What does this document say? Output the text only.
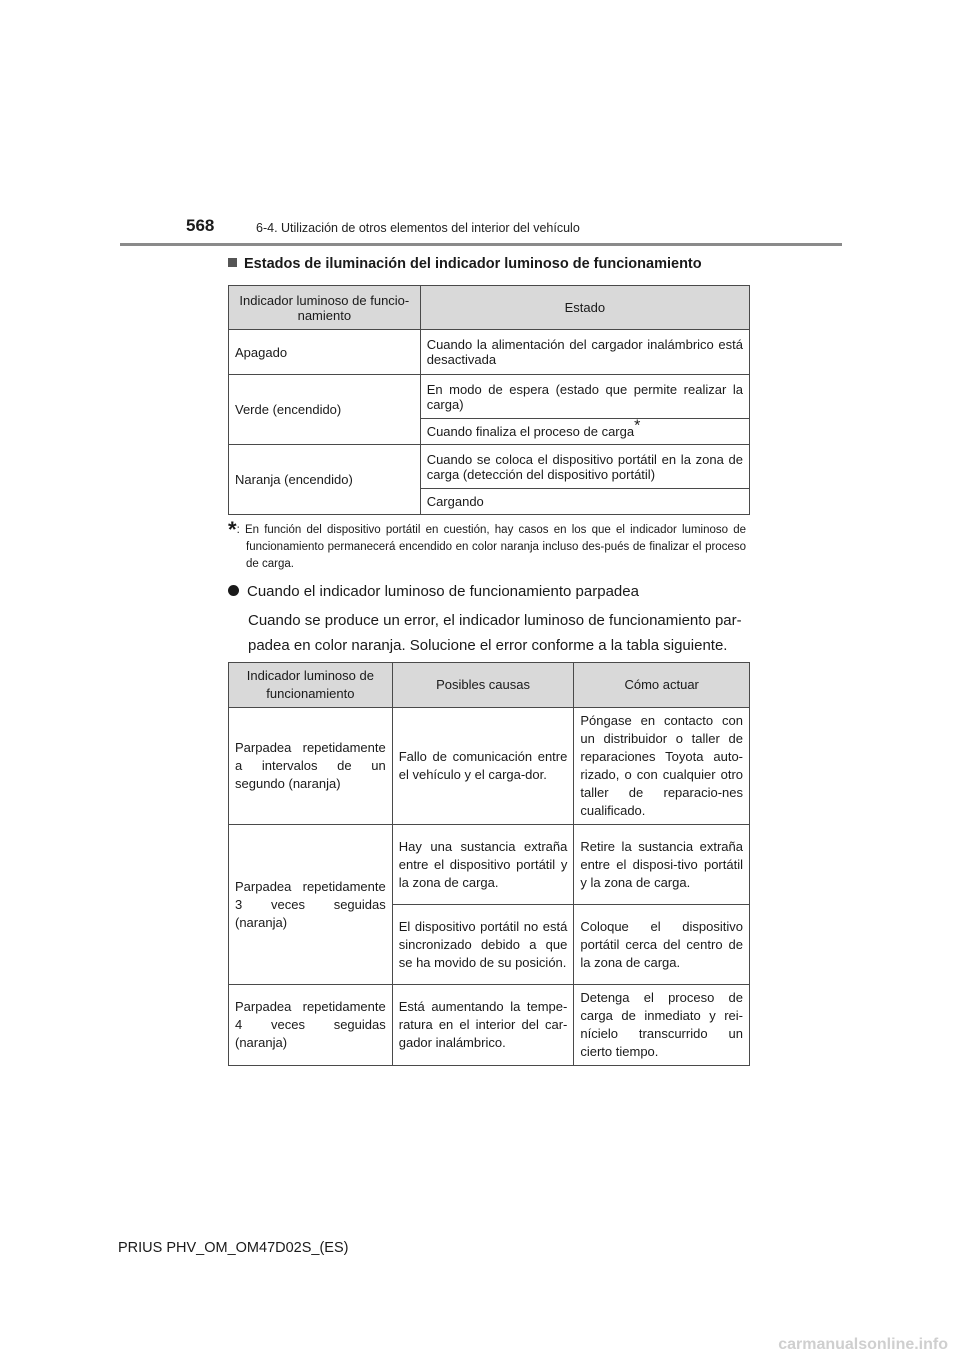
568	6-4. Utilización de otros elementos del interior del vehículo
Estados de iluminación del indicador luminoso de funcionamiento
Indicador luminoso de funcio-namiento	Estado
Apagado	Cuando la alimentación del cargador inalámbrico está desactivada
Verde (encendido)	En modo de espera (estado que permite realizar la carga)
	Cuando finaliza el proceso de carga*
Naranja (encendido)	Cuando se coloca el dispositivo portátil en la zona de carga (detección del dispositivo portátil)
	Cargando
*: En función del dispositivo portátil en cuestión, hay casos en los que el indicador luminoso de funcionamiento permanecerá encendido en color naranja incluso des-pués de finalizar el proceso de carga.
Cuando el indicador luminoso de funcionamiento parpadea
Cuando se produce un error, el indicador luminoso de funcionamiento par-padea en color naranja. Solucione el error conforme a la tabla siguiente.
Indicador luminoso de funcionamiento	Posibles causas	Cómo actuar
Parpadea repetidamente a intervalos de un segundo (naranja)	Fallo de comunicación entre el vehículo y el carga-dor.	Póngase en contacto con un distribuidor o taller de reparaciones Toyota auto-rizado, o con cualquier otro taller de reparacio-nes cualificado.
Parpadea repetidamente 3 veces seguidas (naranja)	Hay una sustancia extraña entre el dispositivo portátil y la zona de carga.	Retire la sustancia extraña entre el disposi-tivo portátil y la zona de carga.
	El dispositivo portátil no está sincronizado debido a que se ha movido de su posición.	Coloque el dispositivo portátil cerca del centro de la zona de carga.
Parpadea repetidamente 4 veces seguidas (naranja)	Está aumentando la tempe-ratura en el interior del car-gador inalámbrico.	Detenga el proceso de carga de inmediato y rei-nícielo transcurrido un cierto tiempo.
PRIUS PHV_OM_OM47D02S_(ES)
carmanualsonline.info
